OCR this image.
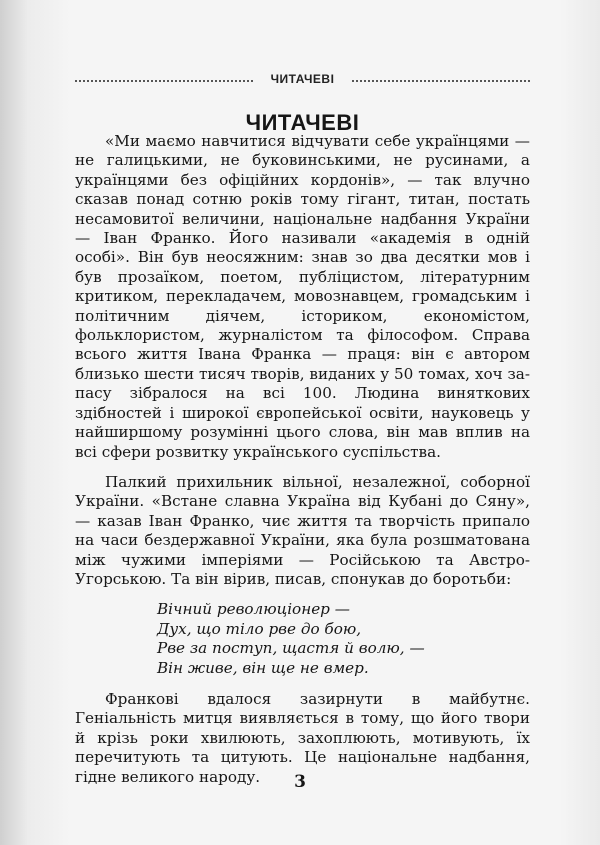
ЧИТАЧЕВІ
ЧИТАЧЕВІ

«Ми маємо навчитися відчувати себе українцями — не галицькими, не буковинськими, не русинами, а українцями без офіційних кордонів», — так влучно сказав понад сотню років тому гігант, титан, постать несамовитої величини, національне надбання України — Іван Франко. Його називали «академія в одній особі». Він був неосяжним: знав зо два десятки мов і був прозаїком, поетом, публіцистом, літературним критиком, перекладачем, мовознавцем, громадським і політичним діячем, істориком, економістом, фольклористом, журналістом та філософом. Справа всього життя Івана Франка — праця: він є автором близько шести тисяч творів, виданих у 50 томах, хоч запасу зібралося на всі 100. Людина виняткових здібностей і широкої європейської освіти, науковець у найширшому розумінні цього слова, він мав вплив на всі сфери розвитку українського суспільства.

Палкий прихильник вільної, незалежної, соборної України. «Встане славна Україна від Кубані до Сяну», — казав Іван Франко, чиє життя та творчість припало на часи бездержавної України, яка була розшматована між чужими імперіями — Російською та Австро-Угорською. Та він вірив, писав, спонукав до боротьби:

Вічний революціонер —
Дух, що тіло рве до бою,
Рве за поступ, щастя й волю, —
Він живе, він ще не вмер.

Франкові вдалося зазирнути в майбутнє. Геніальність митця виявляється в тому, що його твори й крізь роки хвилюють, захоплюють, мотивують, їх перечитують та цитують. Це національне надбання, гідне великого народу.	3
